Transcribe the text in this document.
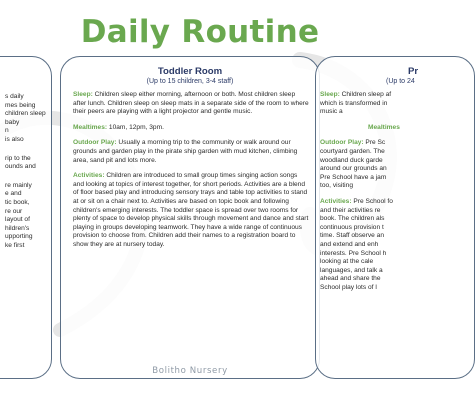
Daily Routine

s daily
mes being
children sleep
baby
n
is also

rip to the
ounds and

re mainly
e and
tic book,
re our
layout of
hildren's
upporting
ke first

Toddler Room
(Up to 15 children, 3-4 staff)

Sleep: Children sleep either morning, afternoon or both. Most children sleep after lunch. Children sleep on sleep mats in a separate side of the room to where their peers are playing with a light projector and gentle music.

Mealtimes: 10am, 12pm, 3pm.

Outdoor Play: Usually a morning trip to the community or walk around our grounds and garden play in the pirate ship garden with mud kitchen, climbing area, sand pit and lots more.

Activities: Children are introduced to small group times singing action songs and looking at topics of interest together, for short periods. Activities are a blend of floor based play and introducing sensory trays and table top activities to stand at or sit on a chair next to. Activities are based on topic book and following children's emerging interests. The toddler space is spread over two rooms for plenty of space to develop physical skills through movement and dance and start playing in groups developing teamwork. They have a wide range of continuous provision to choose from. Children add their names to a registration board to show they are at nursery today.

Pr
(Up to 24

Sleep: Children sleep af
which is transformed in
music a

Mealtimes

Outdoor Play: Pre Sc
courtyard garden. The
woodland duck garde
around our grounds an
Pre School have a jam
too, visiting

Activities: Pre School fo
and their activities re
book. The children als
continuous provision t
time. Staff observe an
and extend and enh
interests. Pre School h
looking at the cale
languages, and talk a
ahead and share the
School play lots of l

Bolitho Nursery
